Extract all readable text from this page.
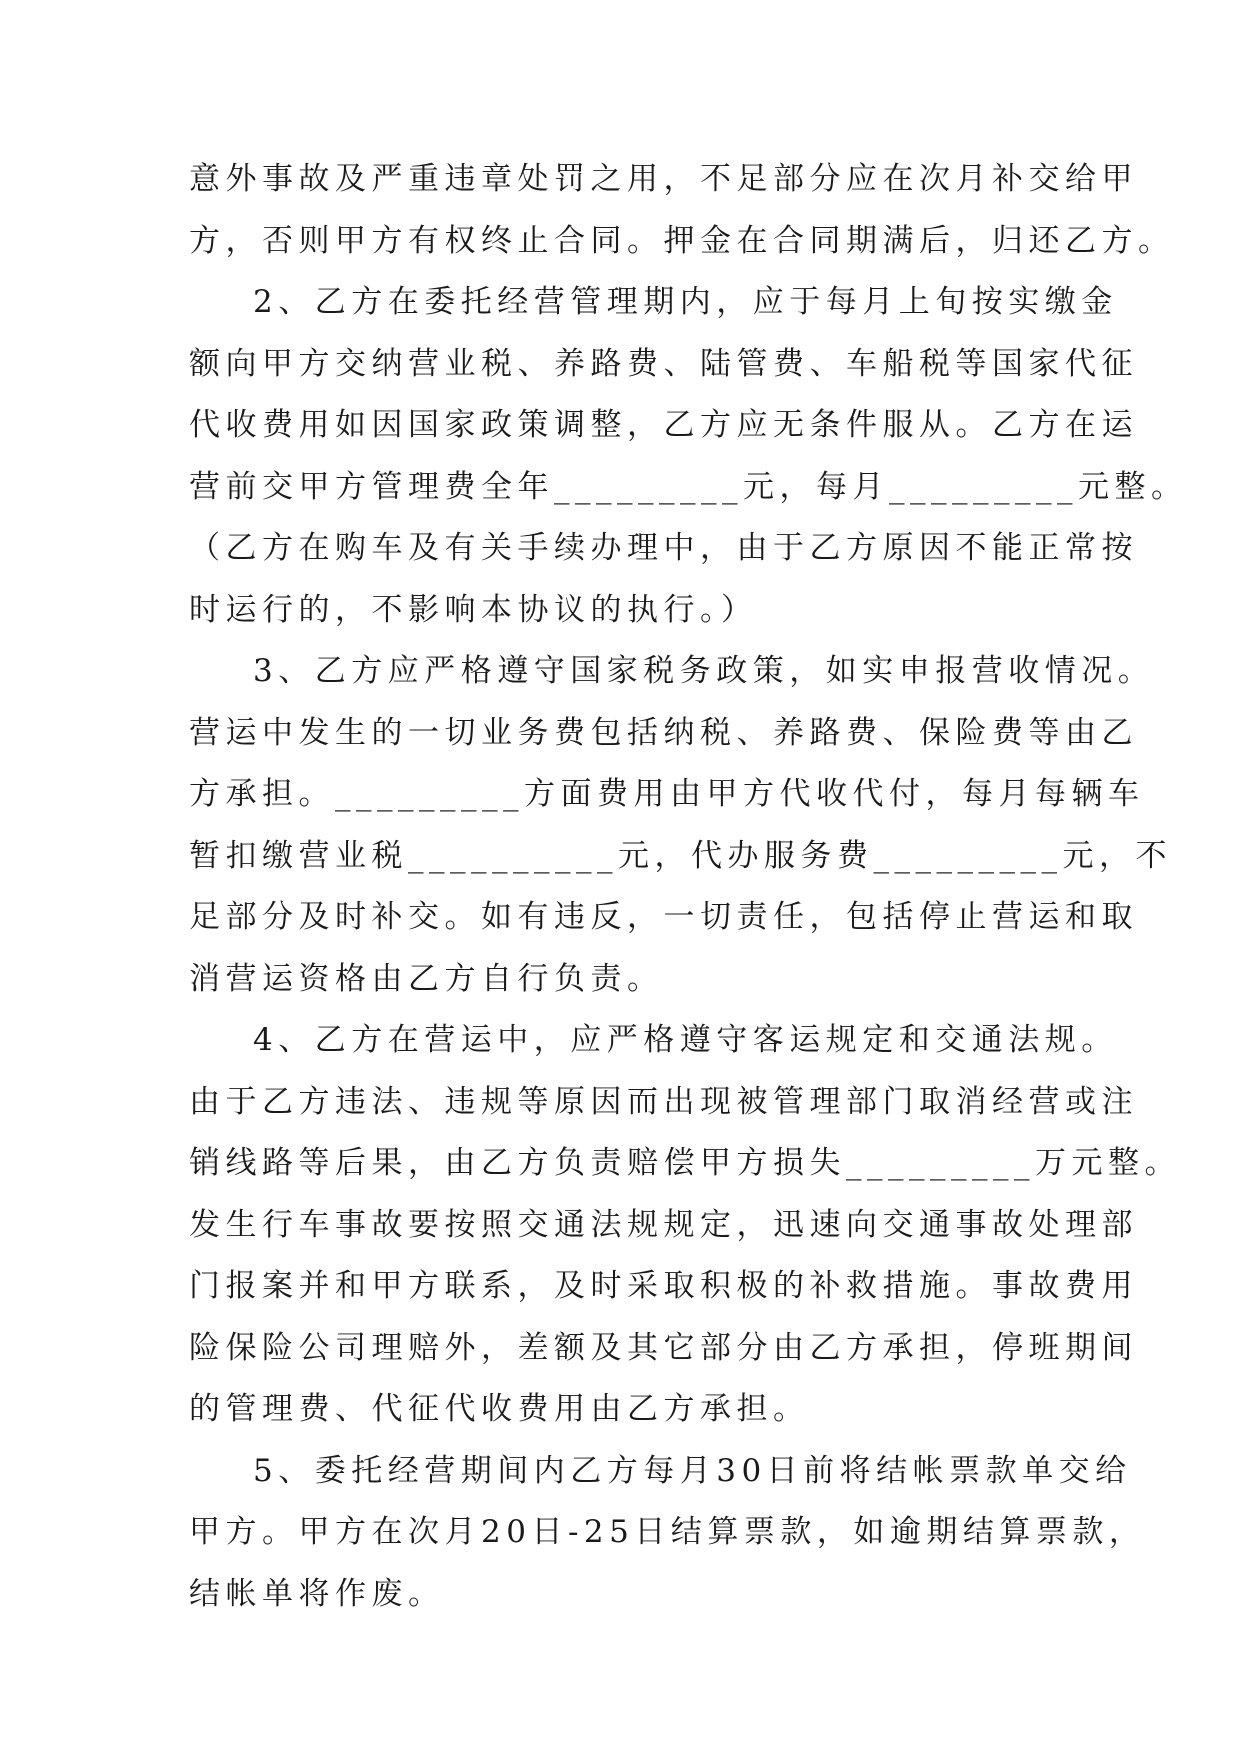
意外事故及严重违章处罚之用，不足部分应在次月补交给甲
方，否则甲方有权终止合同。押金在合同期满后，归还乙方。
2、乙方在委托经营管理期内，应于每月上旬按实缴金
额向甲方交纳营业税、养路费、陆管费、车船税等国家代征
代收费用如因国家政策调整，乙方应无条件服从。乙方在运
营前交甲方管理费全年_________元，每月_________元整。
（乙方在购车及有关手续办理中，由于乙方原因不能正常按
时运行的，不影响本协议的执行。）
3、乙方应严格遵守国家税务政策，如实申报营收情况。
营运中发生的一切业务费包括纳税、养路费、保险费等由乙
方承担。_________方面费用由甲方代收代付，每月每辆车
暂扣缴营业税__________元，代办服务费_________元，不
足部分及时补交。如有违反，一切责任，包括停止营运和取
消营运资格由乙方自行负责。
4、乙方在营运中，应严格遵守客运规定和交通法规。
由于乙方违法、违规等原因而出现被管理部门取消经营或注
销线路等后果，由乙方负责赔偿甲方损失_________万元整。
发生行车事故要按照交通法规规定，迅速向交通事故处理部
门报案并和甲方联系，及时采取积极的补救措施。事故费用
险保险公司理赔外，差额及其它部分由乙方承担，停班期间
的管理费、代征代收费用由乙方承担。
5、委托经营期间内乙方每月30日前将结帐票款单交给
甲方。甲方在次月20日-25日结算票款，如逾期结算票款，
结帐单将作废。
